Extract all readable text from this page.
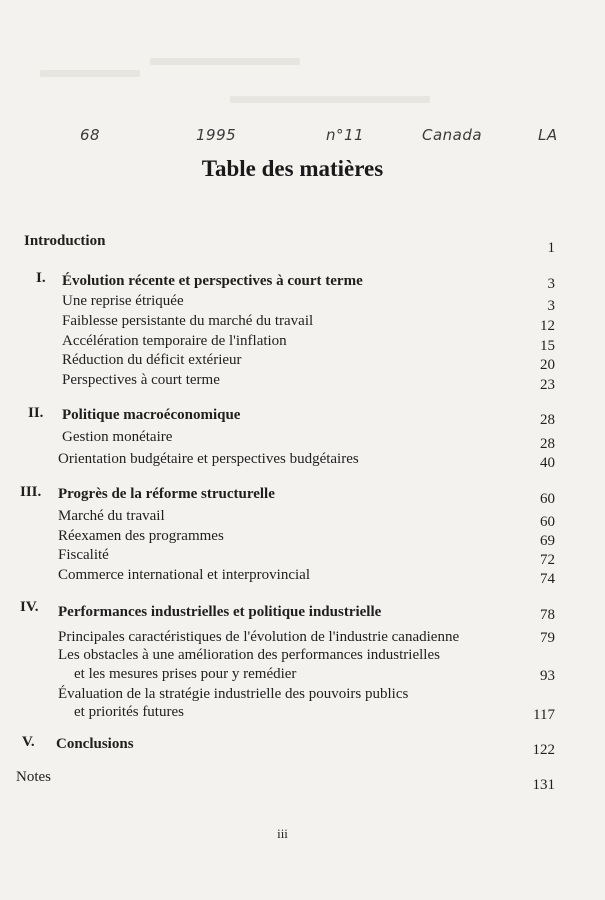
68	1995	n°11	Canada	LA
Table des matières
Introduction	1
I. Évolution récente et perspectives à court terme	3
Une reprise étriquée	3
Faiblesse persistante du marché du travail	12
Accélération temporaire de l'inflation	15
Réduction du déficit extérieur	20
Perspectives à court terme	23
II. Politique macroéconomique	28
Gestion monétaire	28
Orientation budgétaire et perspectives budgétaires	40
III. Progrès de la réforme structurelle	60
Marché du travail	60
Réexamen des programmes	69
Fiscalité	72
Commerce international et interprovincial	74
IV. Performances industrielles et politique industrielle	78
Principales caractéristiques de l'évolution de l'industrie canadienne	79
Les obstacles à une amélioration des performances industrielles
et les mesures prises pour y remédier	93
Évaluation de la stratégie industrielle des pouvoirs publics
et priorités futures	117
V. Conclusions	122
Notes	131
iii
